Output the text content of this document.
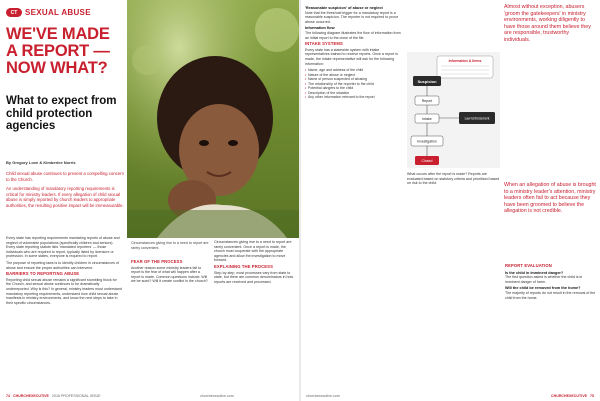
CT SEXUAL ABUSE
WE'VE MADE A REPORT — NOW WHAT?
What to expect from child protection agencies
By Gregory Love & Kimberlee Norris

Child sexual abuse continues to present a compelling concern to the Church.

An understanding of mandatory reporting requirements is critical for ministry leaders. If every allegation of child sexual abuse is simply reported by church leaders to appropriate authorities, the resulting positive impact will be immeasurable.

Circumstances giving rise to a need to report are rarely convenient.

Every state has reporting requirements mandating reports of abuse and neglect of vulnerable populations (specifically children and seniors). Every state reporting statute lists 'mandated reporters' — those individuals who are required to report, typically listed by licensure or profession. In some states, everyone is required to report.

The purpose of reporting laws is to identify children in circumstances of abuse and ensure the proper authorities can intervene.

BARRIERS TO REPORTING ABUSE

Reporting child sexual abuse remains a significant stumbling block for the Church, and sexual abuse continues to be dramatically underreported. Why is this? In general, ministry leaders must understand mandatory reporting requirements, understand how child sexual abuse manifests in ministry environments, and know the next steps to take in their specific circumstances.

FEAR OF THE PROCESS

Another reason some ministry leaders fail to report is the fear of what will happen after a report is made. Common questions include: Will we be sued? Will it create conflict in the church?

Circumstances giving rise to a need to report are rarely convenient. Once a report is made, the church must cooperate with the appropriate agencies and allow the investigation to move forward.

EXPLAINING THE PROCESS

Step-by-step, most processes vary from state to state, but there are common denominators in how reports are received and processed.

74 CHURCHEXECUTIVE 2016 PROFESSIONAL ISSUE	churchexecutive.com

'Reasonable suspicion' of abuse or neglect

Note that the threshold trigger for a mandatory report is a reasonable suspicion. The reporter is not required to prove abuse occurred.

Information flow

The following diagram illustrates the flow of information from an initial report to the close of the file.

INTAKE SYSTEMS

Every state has a statewide system with intake representatives trained to receive reports. Once a report is made, the intake representative will ask for the following information:

• Name, age and address of the child
• Nature of the abuse or neglect
• Name of person suspected of abusing
• The relationship of the reporter to the child
• Potential dangers to the child
• Description of the situation
• Any other information relevant to the report
Information & Items
Suspicion
Report
Intake	Law Enforcement
Investigation
Closed

What occurs after the report is made? Reports are evaluated based on statutory criteria and prioritized based on risk to the child.

Almost without exception, abusers 'groom the gatekeepers' in ministry environments, working diligently to have those around them believe they are responsible, trustworthy individuals.

When an allegation of abuse is brought to a ministry leader's attention, ministry leaders often fail to act because they have been groomed to believe the allegation is not credible.

REPORT EVALUATION

Is the child in imminent danger?

The first question asked is whether the child is in imminent danger of harm.

Will the child be removed from the home?

The majority of reports do not result in the removal of the child from the home.

churchexecutive.com	CHURCHEXECUTIVE 75
